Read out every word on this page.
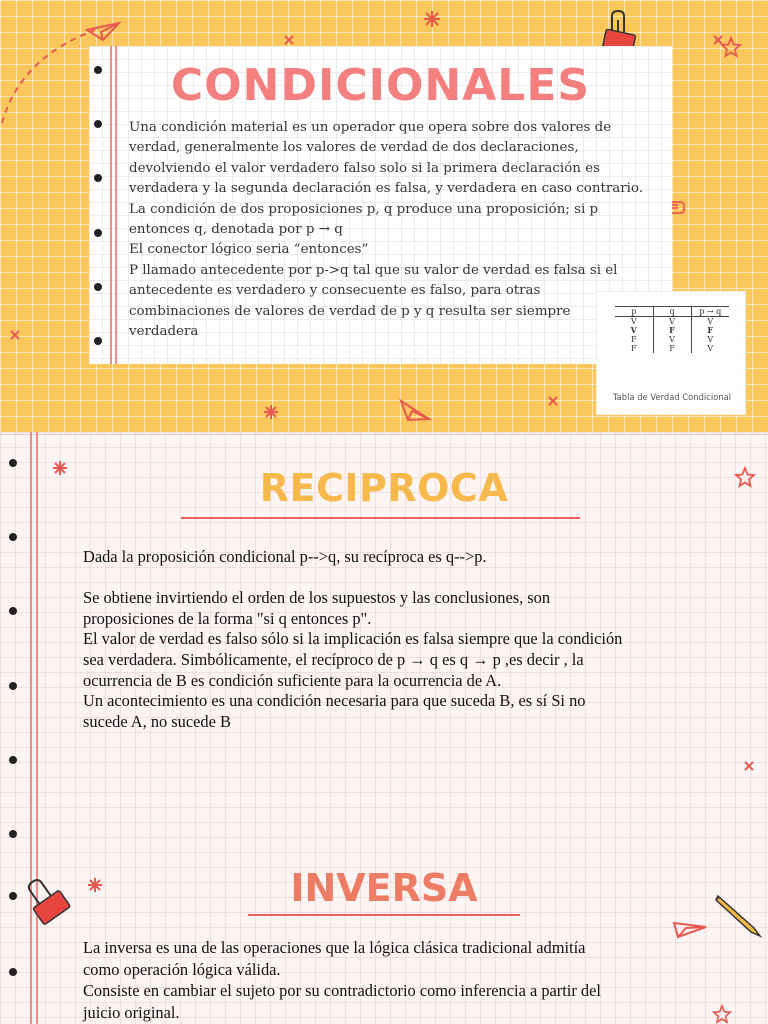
CONDICIONALES

Una condición material es un operador que opera sobre dos valores de

verdad, generalmente los valores de verdad de dos declaraciones,

devolviendo el valor verdadero falso solo si la primera declaración es

verdadera y la segunda declaración es falsa, y verdadera en caso contrario.

La condición de dos proposiciones p, q produce una proposición; si p

entonces q, denotada por p → q

El conector lógico seria “entonces”

P llamado antecedente por p->q tal que su valor de verdad es falsa si el

antecedente es verdadero y consecuente es falso, para otras

combinaciones de valores de verdad de p y q resulta ser siempre

verdadera

p	q	p → q
V	V	V
V	F	F
F	V	V
F	F	V
Tabla de Verdad Condicional
RECIPROCA

Dada la proposición condicional p-->q, su recíproca es q-->p.

Se obtiene invirtiendo el orden de los supuestos y las conclusiones, son

proposiciones de la forma "si q entonces p".

El valor de verdad es falso sólo si la implicación es falsa siempre que la condición

sea verdadera. Simbólicamente, el recíproco de p → q es q → p ,es decir , la

ocurrencia de B es condición suficiente para la ocurrencia de A.

Un acontecimiento es una condición necesaria para que suceda B, es sí Si no

sucede A, no sucede B

INVERSA

La inversa es una de las operaciones que la lógica clásica tradicional admitía

como operación lógica válida.

Consiste en cambiar el sujeto por su contradictorio como inferencia a partir del

juicio original.
